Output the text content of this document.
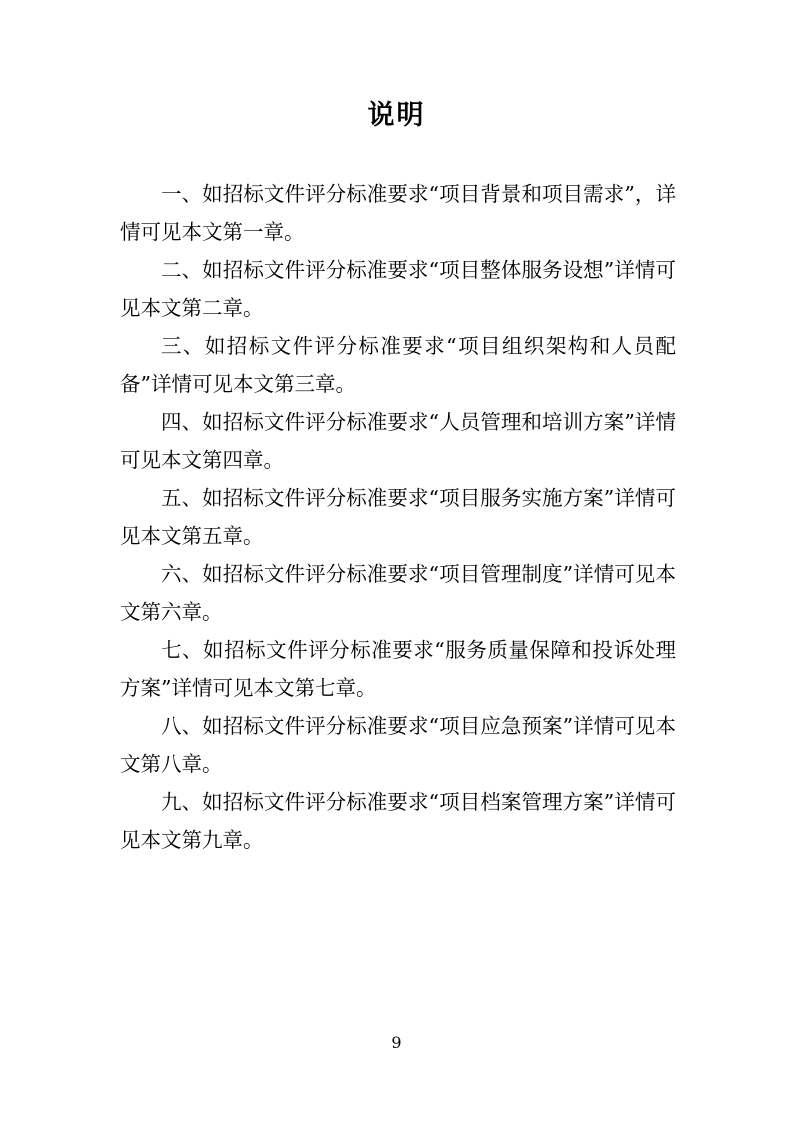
说明

一、如招标文件评分标准要求“项目背景和项目需求”，详情可见本文第一章。

二、如招标文件评分标准要求“项目整体服务设想”详情可见本文第二章。

三、如招标文件评分标准要求“项目组织架构和人员配备”详情可见本文第三章。

四、如招标文件评分标准要求“人员管理和培训方案”详情可见本文第四章。

五、如招标文件评分标准要求“项目服务实施方案”详情可见本文第五章。

六、如招标文件评分标准要求“项目管理制度”详情可见本文第六章。

七、如招标文件评分标准要求“服务质量保障和投诉处理方案”详情可见本文第七章。

八、如招标文件评分标准要求“项目应急预案”详情可见本文第八章。

九、如招标文件评分标准要求“项目档案管理方案”详情可见本文第九章。

9
